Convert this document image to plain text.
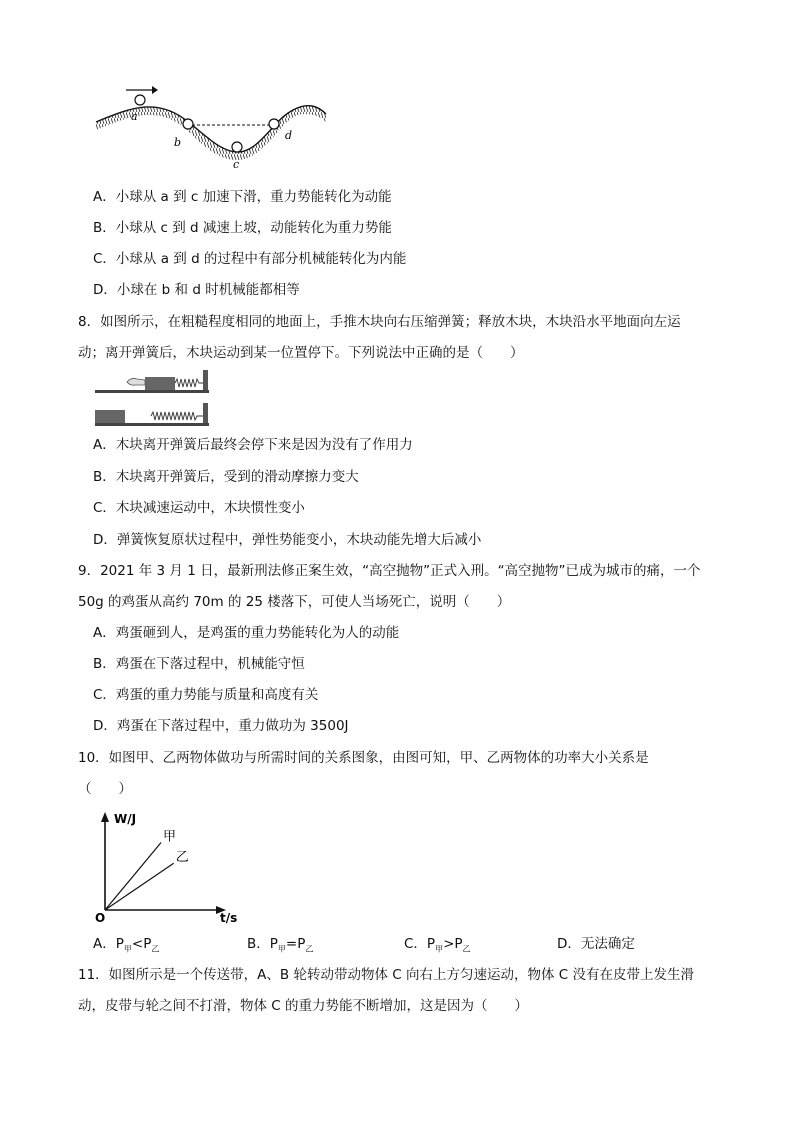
a
b
c
d
A．小球从 a 到 c 加速下滑，重力势能转化为动能
B．小球从 c 到 d 减速上坡，动能转化为重力势能
C．小球从 a 到 d 的过程中有部分机械能转化为内能
D．小球在 b 和 d 时机械能都相等
8．如图所示，在粗糙程度相同的地面上，手推木块向右压缩弹簧；释放木块，木块沿水平地面向左运
动；离开弹簧后，木块运动到某一位置停下。下列说法中正确的是（　　）
A．木块离开弹簧后最终会停下来是因为没有了作用力
B．木块离开弹簧后，受到的滑动摩擦力变大
C．木块减速运动中，木块惯性变小
D．弹簧恢复原状过程中，弹性势能变小，木块动能先增大后减小
9．2021 年 3 月 1 日，最新刑法修正案生效，“高空抛物”正式入刑。“高空抛物”已成为城市的痛，一个
50g 的鸡蛋从高约 70m 的 25 楼落下，可使人当场死亡，说明（　　）
A．鸡蛋砸到人，是鸡蛋的重力势能转化为人的动能
B．鸡蛋在下落过程中，机械能守恒
C．鸡蛋的重力势能与质量和高度有关
D．鸡蛋在下落过程中，重力做功为 3500J
10．如图甲、乙两物体做功与所需时间的关系图象，由图可知，甲、乙两物体的功率大小关系是
（　　）
W/J
t/s
O
甲
乙
A．$P_甲<P_乙$	B．$P_甲=P_乙$	C．$P_甲>P_乙$	D．无法确定
11．如图所示是一个传送带，A、B 轮转动带动物体 C 向右上方匀速运动，物体 C 没有在皮带上发生滑
动，皮带与轮之间不打滑，物体 C 的重力势能不断增加，这是因为（　　）
